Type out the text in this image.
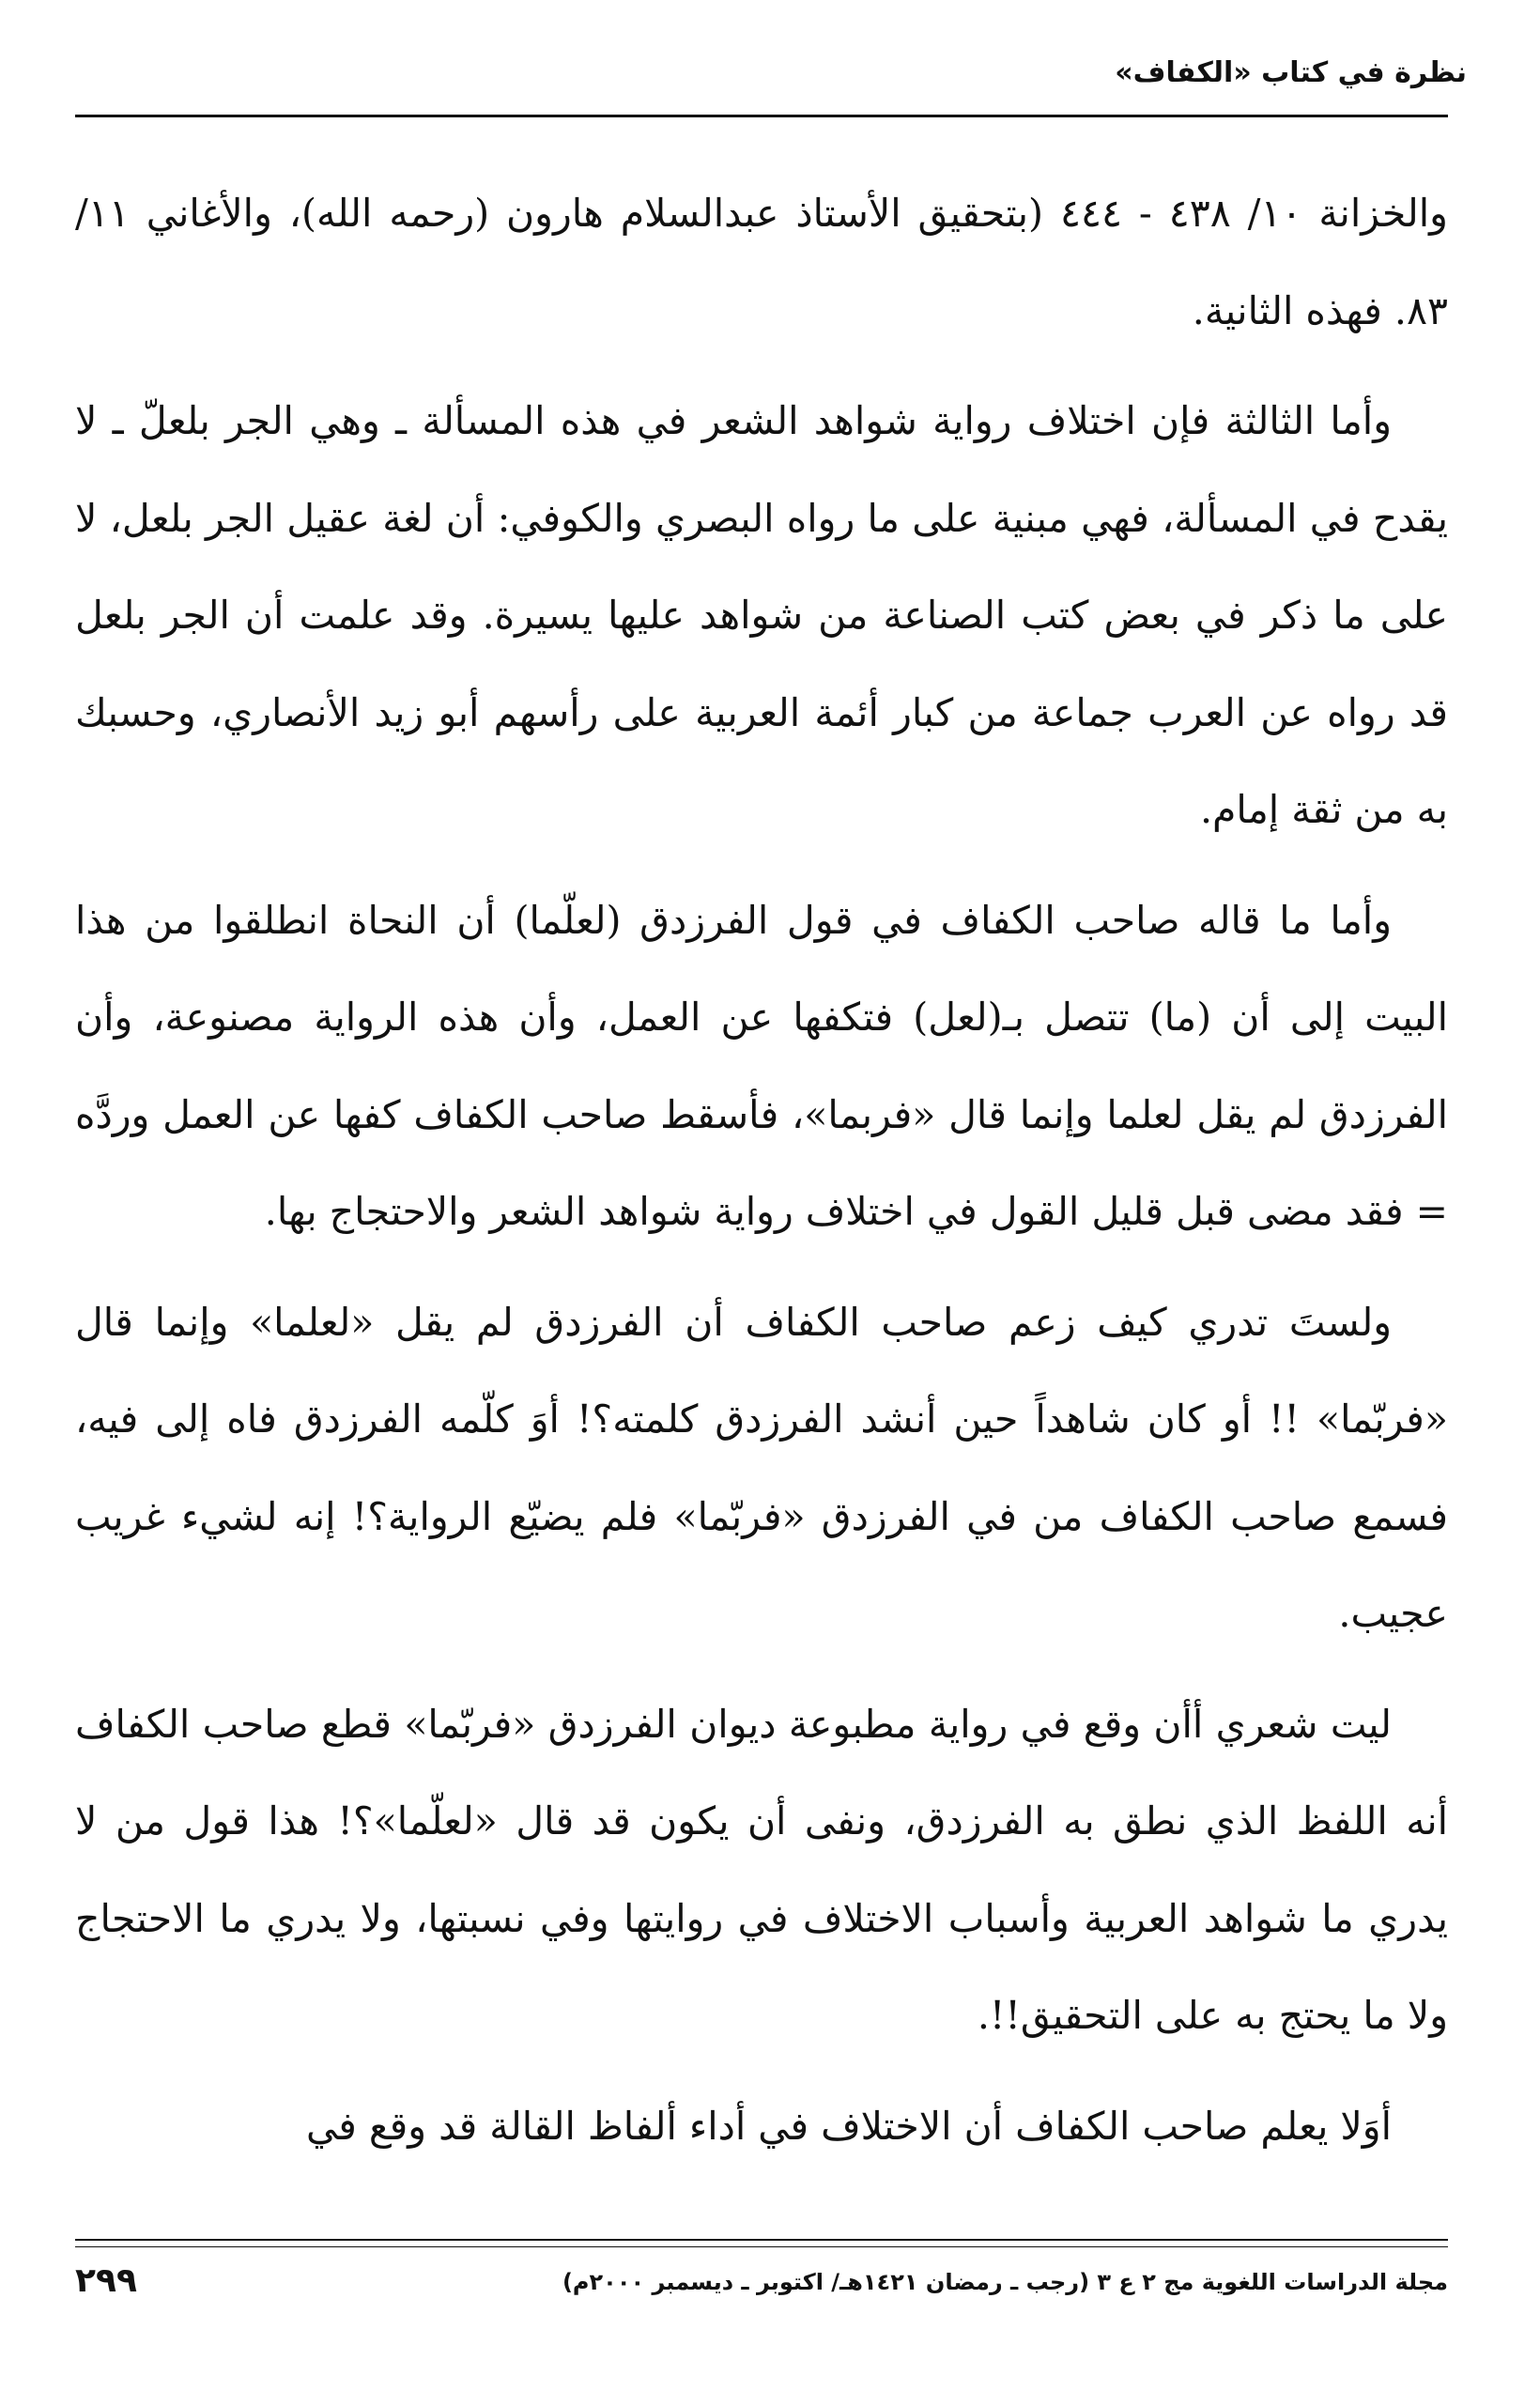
نظرة في كتاب «الكفاف»

والخزانة ١٠/ ٤٣٨ - ٤٤٤ (بتحقيق الأستاذ عبدالسلام هارون (رحمه الله)، والأغاني ١١/ ٨٣. فهذه الثانية.

وأما الثالثة فإن اختلاف رواية شواهد الشعر في هذه المسألة ـ وهي الجر بلعلّ ـ لا يقدح في المسألة، فهي مبنية على ما رواه البصري والكوفي: أن لغة عقيل الجر بلعل، لا على ما ذكر في بعض كتب الصناعة من شواهد عليها يسيرة. وقد علمت أن الجر بلعل قد رواه عن العرب جماعة من كبار أئمة العربية على رأسهم أبو زيد الأنصاري، وحسبك به من ثقة إمام.

وأما ما قاله صاحب الكفاف في قول الفرزدق (لعلّما) أن النحاة انطلقوا من هذا البيت إلى أن (ما) تتصل بـ(لعل) فتكفها عن العمل، وأن هذه الرواية مصنوعة، وأن الفرزدق لم يقل لعلما وإنما قال «فربما»، فأسقط صاحب الكفاف كفها عن العمل وردَّه = فقد مضى قبل قليل القول في اختلاف رواية شواهد الشعر والاحتجاج بها.

ولستَ تدري كيف زعم صاحب الكفاف أن الفرزدق لم يقل «لعلما» وإنما قال «فربّما» !! أو كان شاهداً حين أنشد الفرزدق كلمته؟! أوَ كلّمه الفرزدق فاه إلى فيه، فسمع صاحب الكفاف من في الفرزدق «فربّما» فلم يضيّع الرواية؟! إنه لشيء غريب عجيب.

ليت شعري أأن وقع في رواية مطبوعة ديوان الفرزدق «فربّما» قطع صاحب الكفاف أنه اللفظ الذي نطق به الفرزدق، ونفى أن يكون قد قال «لعلّما»؟! هذا قول من لا يدري ما شواهد العربية وأسباب الاختلاف في روايتها وفي نسبتها، ولا يدري ما الاحتجاج ولا ما يحتج به على التحقيق!!.

أوَلا يعلم صاحب الكفاف أن الاختلاف في أداء ألفاظ القالة قد وقع في

مجلة الدراسات اللغوية مج ٢ ع ٣ (رجب ـ رمضان ١٤٢١هـ/ اكتوبر ـ ديسمبر ٢٠٠٠م)
٢٩٩
